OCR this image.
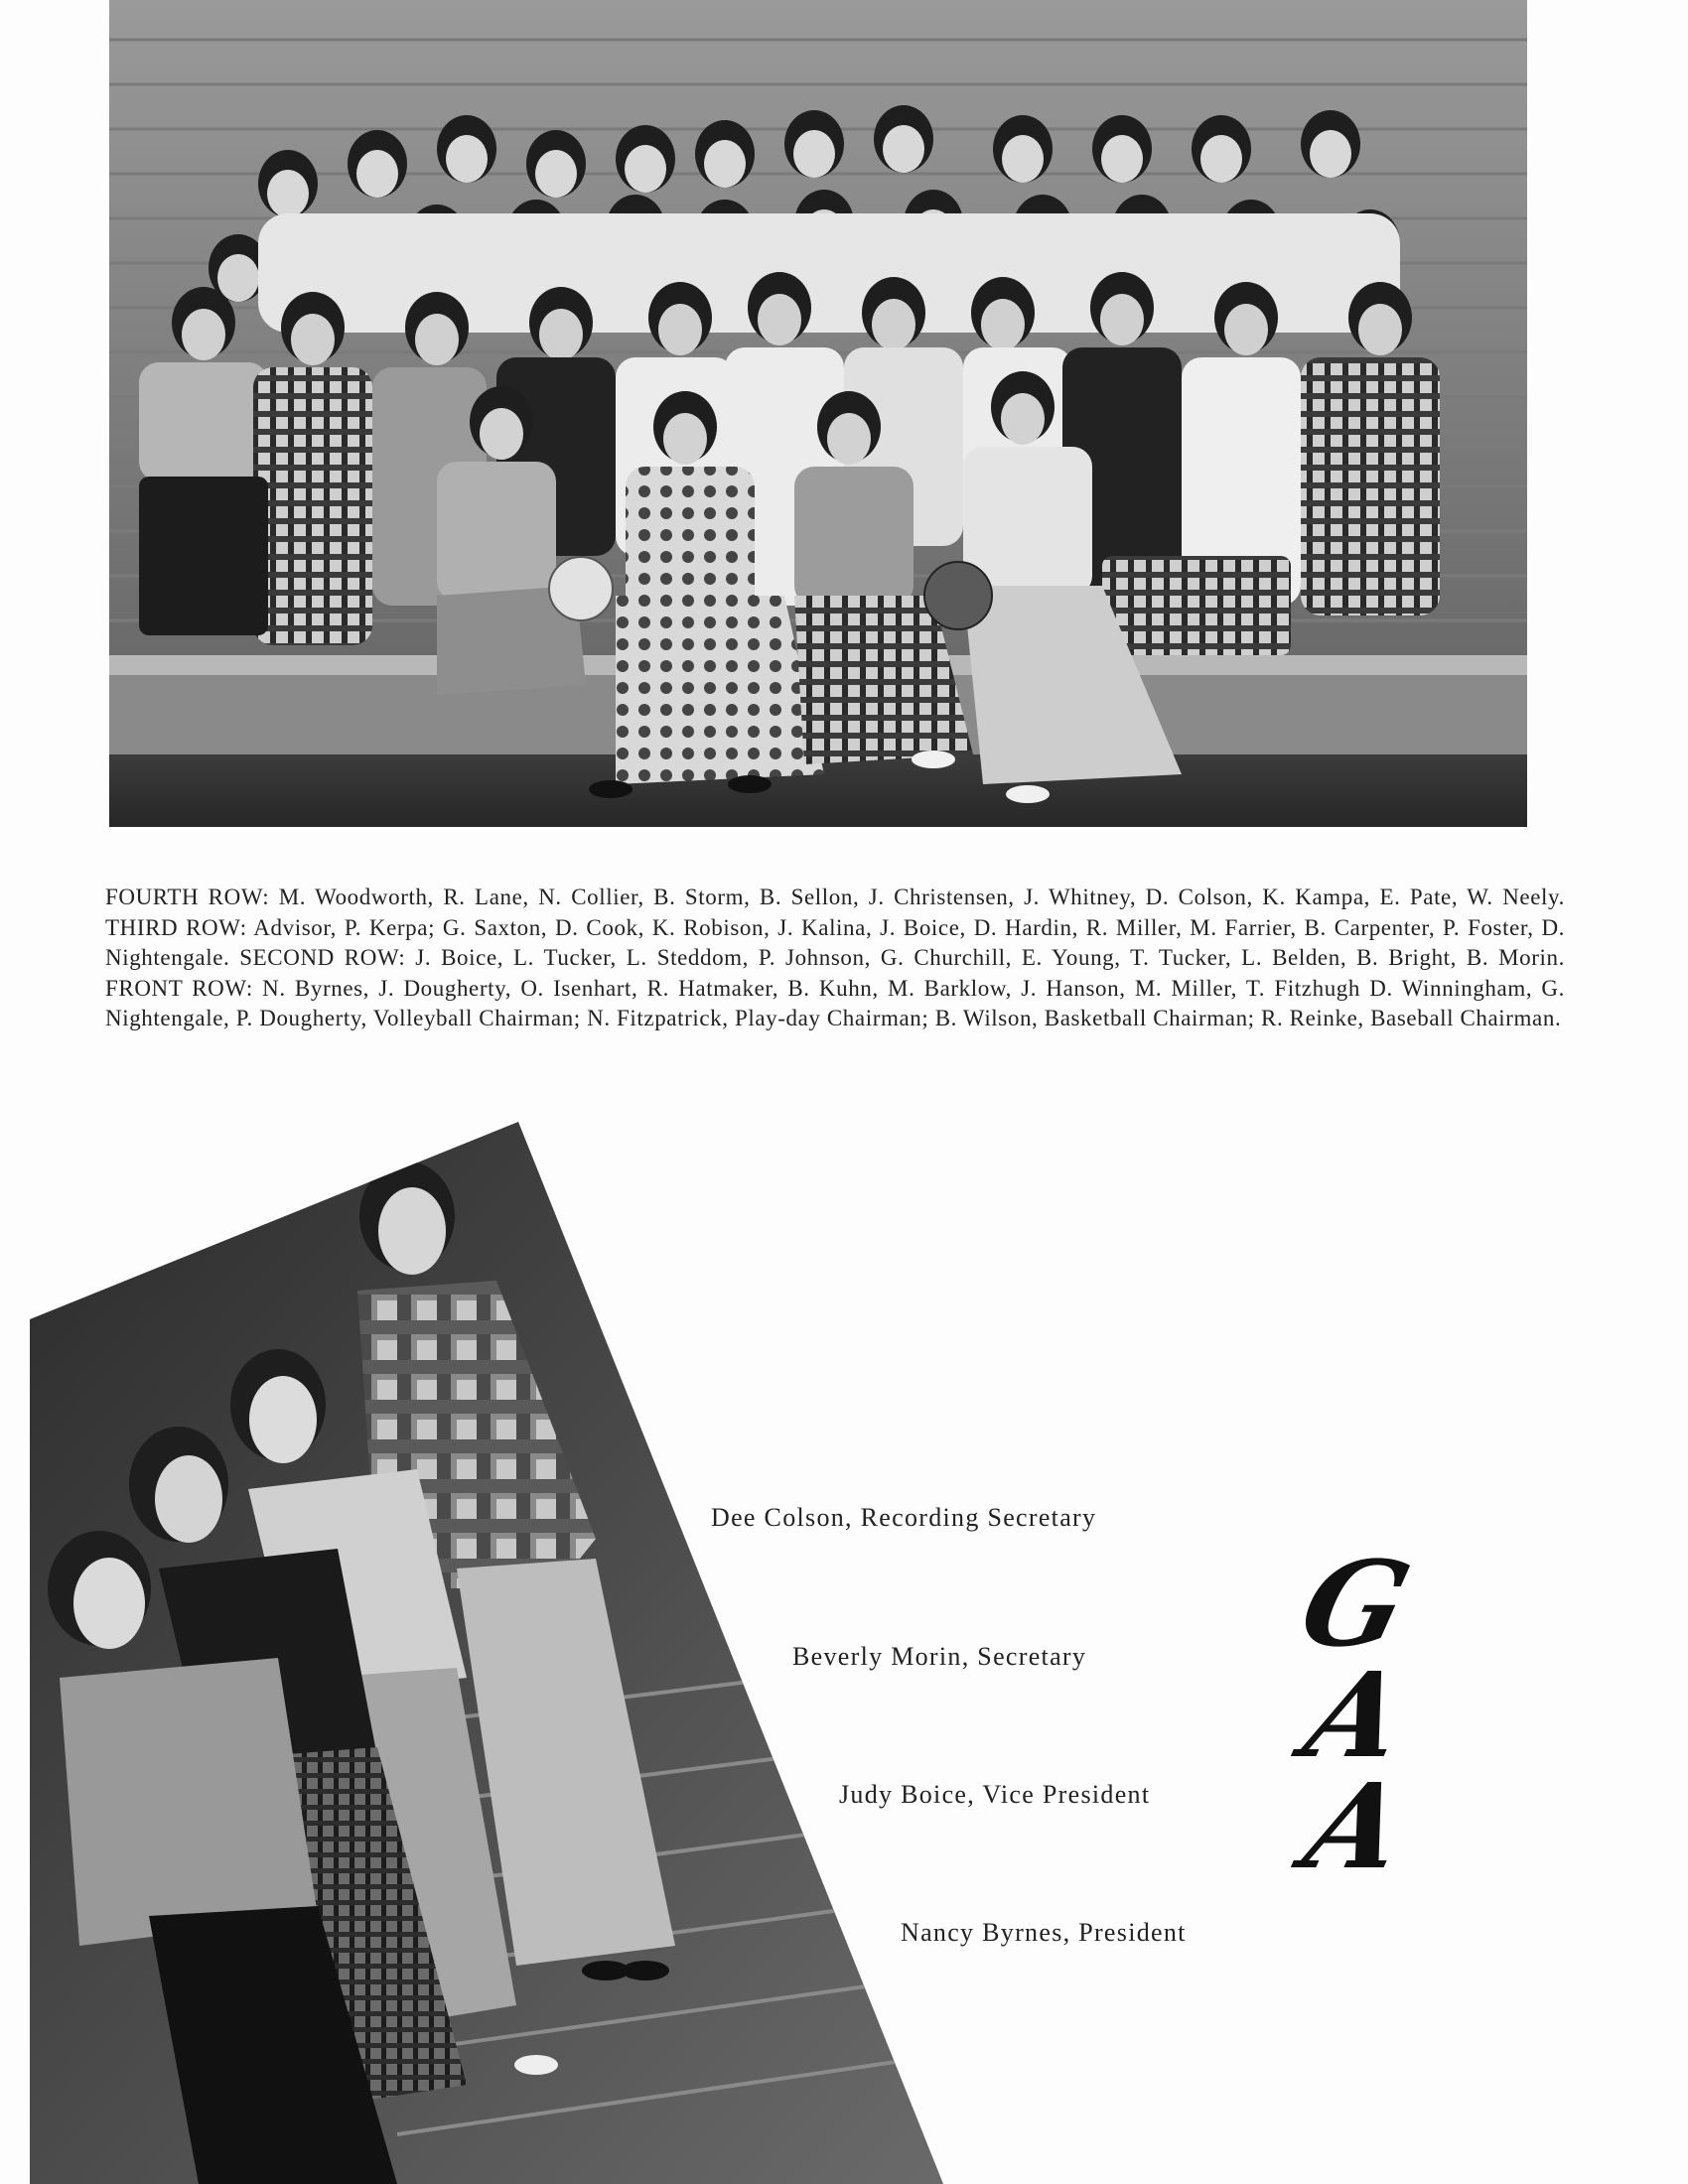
FOURTH ROW: M. Woodworth, R. Lane, N. Collier, B. Storm, B. Sellon, J. Christensen, J. Whitney, D. Colson, K. Kampa, E. Pate, W. Neely. THIRD ROW: Advisor, P. Kerpa; G. Saxton, D. Cook, K. Robison, J. Kalina, J. Boice, D. Hardin, R. Miller, M. Farrier, B. Carpenter, P. Foster, D. Nightengale. SECOND ROW: J. Boice, L. Tucker, L. Steddom, P. Johnson, G. Churchill, E. Young, T. Tucker, L. Belden, B. Bright, B. Morin. FRONT ROW: N. Byrnes, J. Dougherty, O. Isenhart, R. Hatmaker, B. Kuhn, M. Barklow, J. Hanson, M. Miller, T. Fitzhugh D. Winningham, G. Nightengale, P. Dougherty, Volleyball Chairman; N. Fitzpatrick, Play-day Chairman; B. Wilson, Basketball Chairman; R. Reinke, Baseball Chairman.

Dee Colson, Recording Secretary
Beverly Morin, Secretary
Judy Boice, Vice President
Nancy Byrnes, President
G
A
A
